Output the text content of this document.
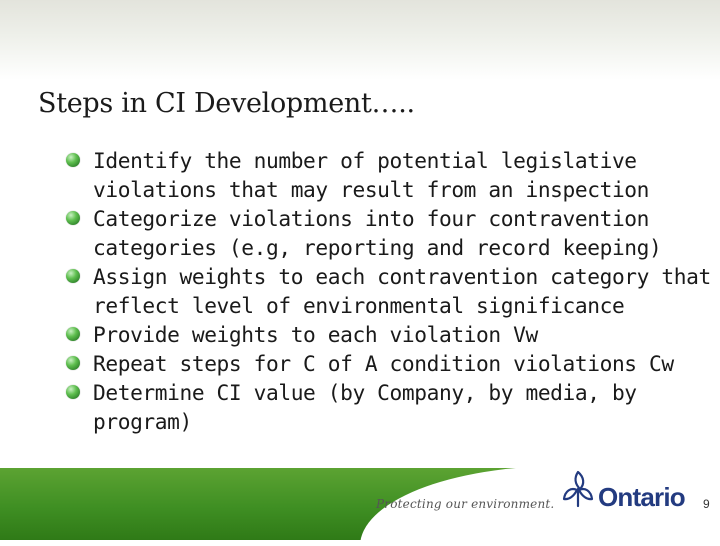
Steps in CI Development…..
Identify the number of potential legislative violations that may result from an inspection
Categorize violations into four contravention categories (e.g, reporting and record keeping)
Assign weights to each contravention category that reflect level of environmental significance
Provide weights to each violation Vw
Repeat steps for C of A condition violations Cw
Determine CI value (by Company, by media, by program)
Protecting our environment. Ontario 9
